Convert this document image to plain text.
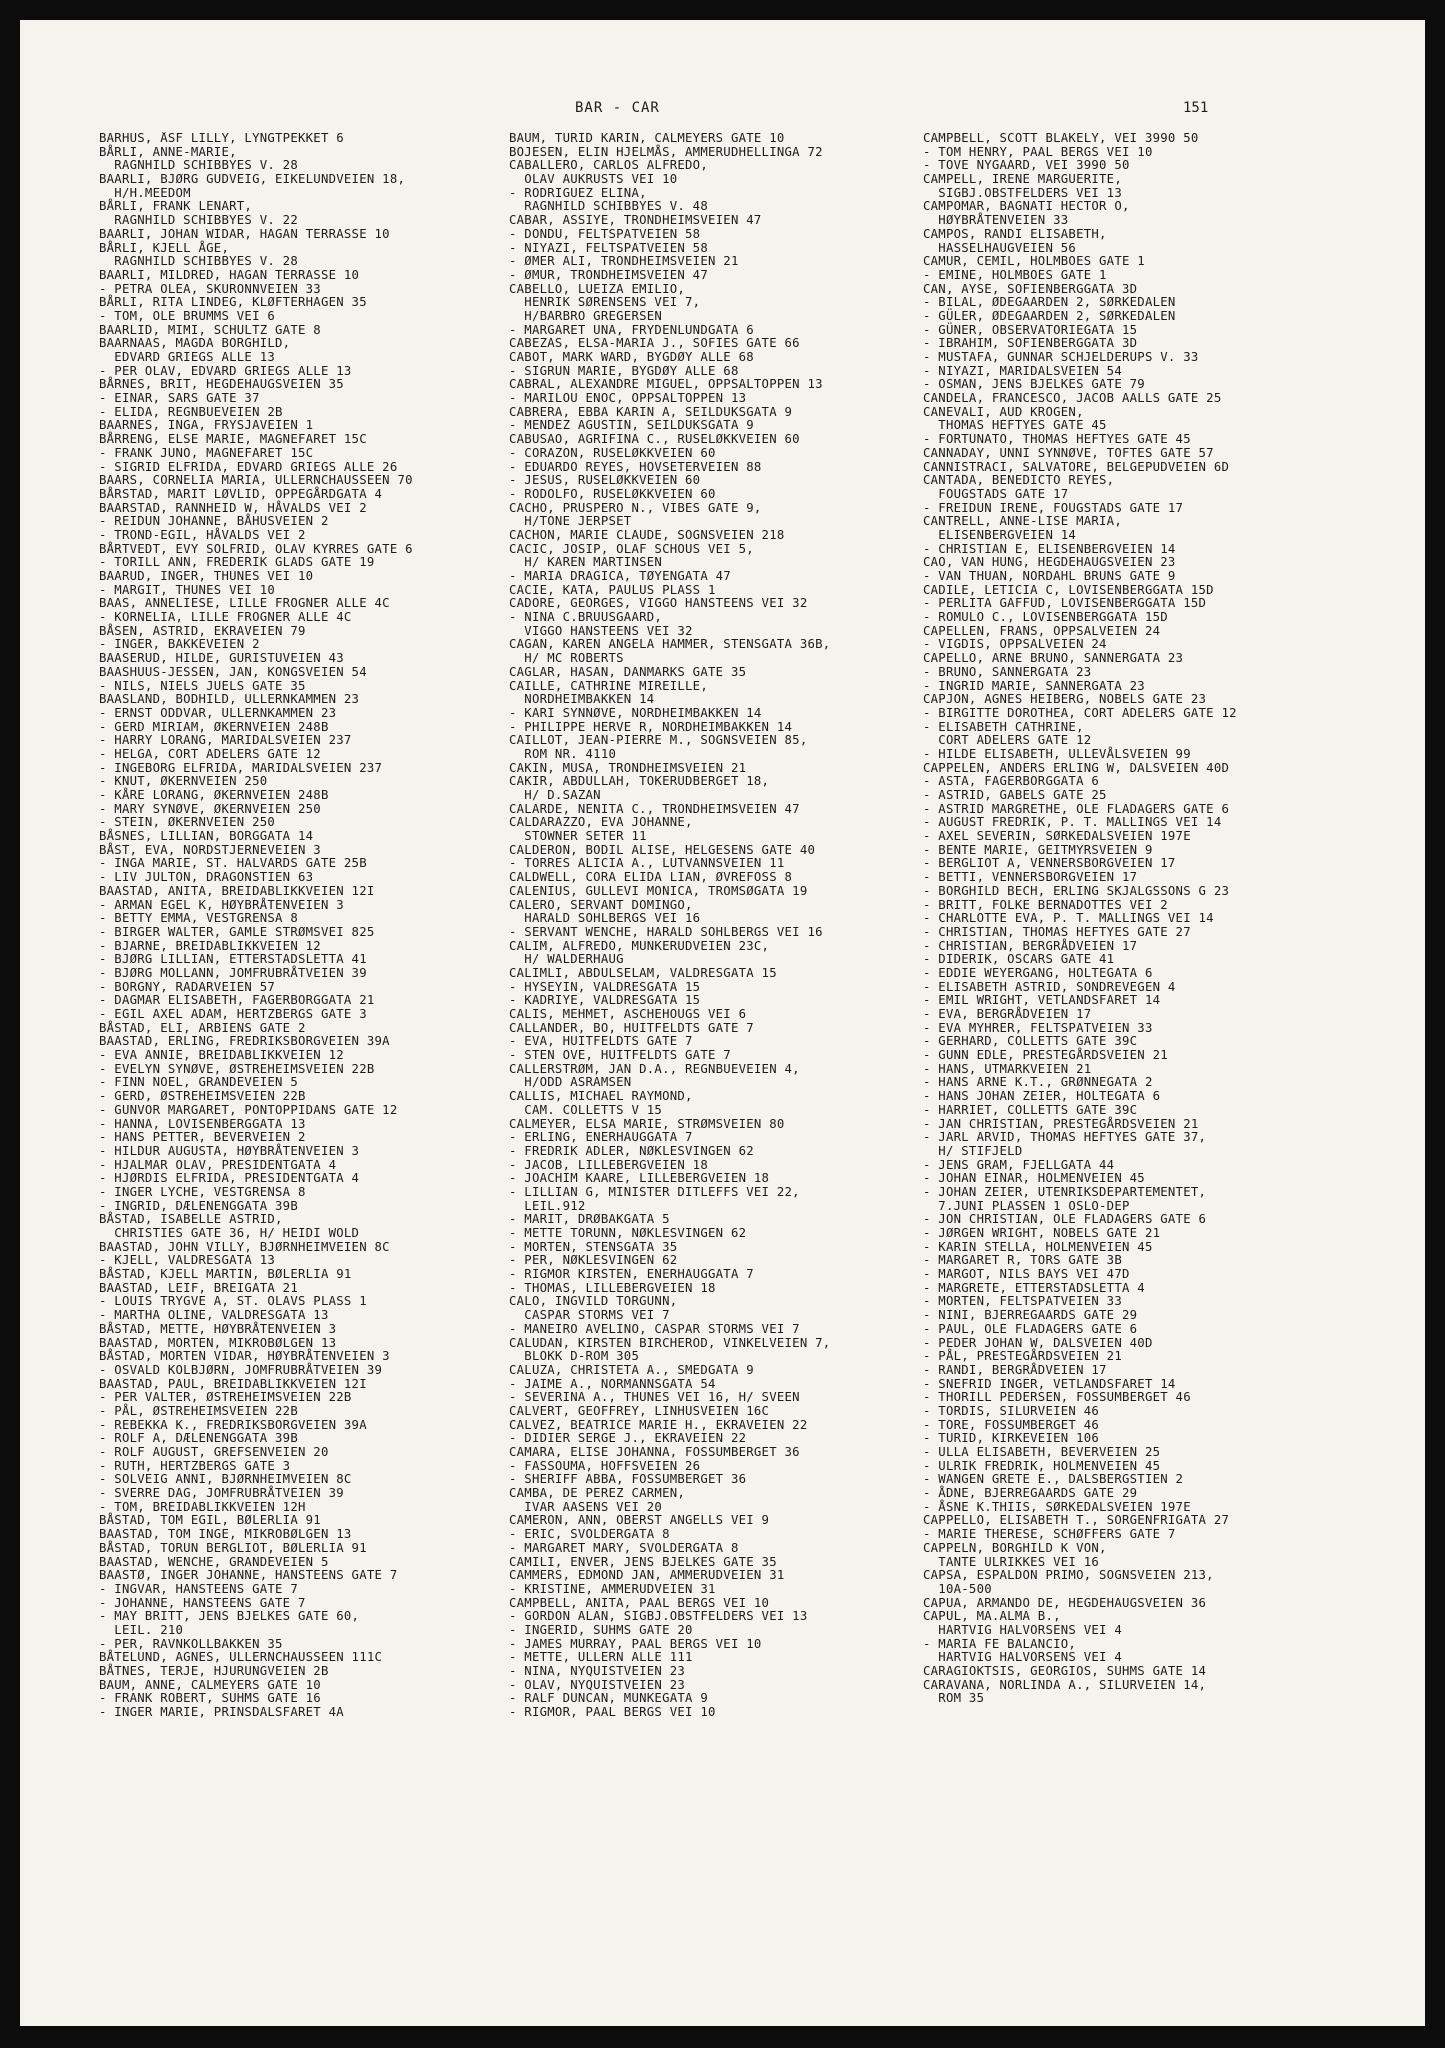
BAR - CAR	151
BÄRHUS, ÅSF LILLY, LYNGTPEKKET 6
BÅRLI, ANNE-MARIE,
RAGNHILD SCHIBBYES V. 28
BAARLI, BJØRG GUDVEIG, EIKELUNDVEIEN 18,
H/H.MEEDOM
BÅRLI, FRANK LENART,
RAGNHILD SCHIBBYES V. 22
BAARLI, JOHAN WIDAR, HAGAN TERRASSE 10
BÅRLI, KJELL ÅGE,
RAGNHILD SCHIBBYES V. 28
BAARLI, MILDRED, HAGAN TERRASSE 10
- PETRA OLEA, SKURONNVEIEN 33
BÅRLI, RITA LINDEG, KLØFTERHAGEN 35
- TOM, OLE BRUMMS VEI 6
BAARLID, MIMI, SCHULTZ GATE 8
BAARNAAS, MAGDA BORGHILD,
EDVARD GRIEGS ALLE 13
- PER OLAV, EDVARD GRIEGS ALLE 13
BÅRNES, BRIT, HEGDEHAUGSVEIEN 35
- EINAR, SARS GATE 37
- ELIDA, REGNBUEVEIEN 2B
BAARNES, INGA, FRYSJAVEIEN 1
BÅRRENG, ELSE MARIE, MAGNEFARET 15C
- FRANK JUNO, MAGNEFARET 15C
- SIGRID ELFRIDA, EDVARD GRIEGS ALLE 26
BAARS, CORNELIA MARIA, ULLERNCHAUSSEEN 70
BÅRSTAD, MARIT LØVLID, OPPEGÅRDGATA 4
BAARSTAD, RANNHEID W, HÅVALDS VEI 2
- REIDUN JOHANNE, BÅHUSVEIEN 2
- TROND-EGIL, HÅVALDS VEI 2
BÅRTVEDT, EVY SOLFRID, OLAV KYRRES GATE 6
- TORILL ANN, FREDERIK GLADS GATE 19
BAARUD, INGER, THUNES VEI 10
- MARGIT, THUNES VEI 10
BAAS, ANNELIESE, LILLE FROGNER ALLE 4C
- KORNELIA, LILLE FROGNER ALLE 4C
BÅSEN, ASTRID, EKRAVEIEN 79
- INGER, BAKKEVEIEN 2
BAASERUD, HILDE, GURISTUVEIEN 43
BAASHUUS-JESSEN, JAN, KONGSVEIEN 54
- NILS, NIELS JUELS GATE 35
BAASLAND, BODHILD, ULLERNKAMMEN 23
- ERNST ODDVAR, ULLERNKAMMEN 23
- GERD MIRIAM, ØKERNVEIEN 248B
- HARRY LORANG, MARIDALSVEIEN 237
- HELGA, CORT ADELERS GATE 12
- INGEBORG ELFRIDA, MARIDALSVEIEN 237
- KNUT, ØKERNVEIEN 250
- KÅRE LORANG, ØKERNVEIEN 248B
- MARY SYNØVE, ØKERNVEIEN 250
- STEIN, ØKERNVEIEN 250
BÅSNES, LILLIAN, BORGGATA 14
BÅST, EVA, NORDSTJERNEVEIEN 3
- INGA MARIE, ST. HALVARDS GATE 25B
- LIV JULTON, DRAGONSTIEN 63
BAASTAD, ANITA, BREIDABLIKKVEIEN 12I
- ARMAN EGEL K, HØYBRÅTENVEIEN 3
- BETTY EMMA, VESTGRENSA 8
- BIRGER WALTER, GAMLE STRØMSVEI 825
- BJARNE, BREIDABLIKKVEIEN 12
- BJØRG LILLIAN, ETTERSTADSLETTA 41
- BJØRG MOLLANN, JOMFRUBRÅTVEIEN 39
- BORGNY, RADARVEIEN 57
- DAGMAR ELISABETH, FAGERBORGGATA 21
- EGIL AXEL ADAM, HERTZBERGS GATE 3
BÅSTAD, ELI, ARBIENS GATE 2
BAASTAD, ERLING, FREDRIKSBORGVEIEN 39A
- EVA ANNIE, BREIDABLIKKVEIEN 12
- EVELYN SYNØVE, ØSTREHEIMSVEIEN 22B
- FINN NOEL, GRANDEVEIEN 5
- GERD, ØSTREHEIMSVEIEN 22B
- GUNVOR MARGARET, PONTOPPIDANS GATE 12
- HANNA, LOVISENBERGGATA 13
- HANS PETTER, BEVERVEIEN 2
- HILDUR AUGUSTA, HØYBRÅTENVEIEN 3
- HJALMAR OLAV, PRESIDENTGATA 4
- HJØRDIS ELFRIDA, PRESIDENTGATA 4
- INGER LYCHE, VESTGRENSA 8
- INGRID, DÆLENENGGATA 39B
BÅSTAD, ISABELLE ASTRID,
CHRISTIES GATE 36, H/ HEIDI WOLD
BAASTAD, JOHN VILLY, BJØRNHEIMVEIEN 8C
- KJELL, VALDRESGATA 13
BÅSTAD, KJELL MARTIN, BØLERLIA 91
BAASTAD, LEIF, BREIGATA 21
- LOUIS TRYGVE A, ST. OLAVS PLASS 1
- MARTHA OLINE, VALDRESGATA 13
BÅSTAD, METTE, HØYBRÅTENVEIEN 3
BAASTAD, MORTEN, MIKROBØLGEN 13
BÅSTAD, MORTEN VIDAR, HØYBRÅTENVEIEN 3
- OSVALD KOLBJØRN, JOMFRUBRÅTVEIEN 39
BAASTAD, PAUL, BREIDABLIKKVEIEN 12I
- PER VALTER, ØSTREHEIMSVEIEN 22B
- PÅL, ØSTREHEIMSVEIEN 22B
- REBEKKA K., FREDRIKSBORGVEIEN 39A
- ROLF A, DÆLENENGGATA 39B
- ROLF AUGUST, GREFSENVEIEN 20
- RUTH, HERTZBERGS GATE 3
- SOLVEIG ANNI, BJØRNHEIMVEIEN 8C
- SVERRE DAG, JOMFRUBRÅTVEIEN 39
- TOM, BREIDABLIKKVEIEN 12H
BÅSTAD, TOM EGIL, BØLERLIA 91
BAASTAD, TOM INGE, MIKROBØLGEN 13
BÅSTAD, TORUN BERGLIOT, BØLERLIA 91
BAASTAD, WENCHE, GRANDEVEIEN 5
BAASTØ, INGER JOHANNE, HANSTEENS GATE 7
- INGVAR, HANSTEENS GATE 7
- JOHANNE, HANSTEENS GATE 7
- MAY BRITT, JENS BJELKES GATE 60,
LEIL. 210
- PER, RAVNKOLLBAKKEN 35
BÅTELUND, AGNES, ULLERNCHAUSSEEN 111C
BÅTNES, TERJE, HJURUNGVEIEN 2B
BAUM, ANNE, CALMEYERS GATE 10
- FRANK ROBERT, SUHMS GATE 16
- INGER MARIE, PRINSDALSFARET 4A
BAUM, TURID KARIN, CALMEYERS GATE 10
BOJESEN, ELIN HJELMÅS, AMMERUDHELLINGA 72
CABALLERO, CARLOS ALFREDO,
OLAV AUKRUSTS VEI 10
- RODRIGUEZ ELINA,
RAGNHILD SCHIBBYES V. 48
CABAR, ASSIYE, TRONDHEIMSVEIEN 47
- DONDU, FELTSPATVEIEN 58
- NIYAZI, FELTSPATVEIEN 58
- ØMER ALI, TRONDHEIMSVEIEN 21
- ØMUR, TRONDHEIMSVEIEN 47
CABELLO, LUEIZA EMILIO,
HENRIK SØRENSENS VEI 7,
H/BARBRO GREGERSEN
- MARGARET UNA, FRYDENLUNDGATA 6
CABEZAS, ELSA-MARIA J., SOFIES GATE 66
CABOT, MARK WARD, BYGDØY ALLE 68
- SIGRUN MARIE, BYGDØY ALLE 68
CABRAL, ALEXANDRE MIGUEL, OPPSALTOPPEN 13
- MARILOU ENOC, OPPSALTOPPEN 13
CABRERA, EBBA KARIN A, SEILDUKSGATA 9
- MENDEZ AGUSTIN, SEILDUKSGATA 9
CABUSAO, AGRIFINA C., RUSELØKKVEIEN 60
- CORAZON, RUSELØKKVEIEN 60
- EDUARDO REYES, HOVSETERVEIEN 88
- JESUS, RUSELØKKVEIEN 60
- RODOLFO, RUSELØKKVEIEN 60
CACHO, PRUSPERO N., VIBES GATE 9,
H/TONE JERPSET
CACHON, MARIE CLAUDE, SOGNSVEIEN 218
CACIC, JOSIP, OLAF SCHOUS VEI 5,
H/ KAREN MARTINSEN
- MARIA DRAGICA, TØYENGATA 47
CACIE, KATA, PAULUS PLASS 1
CADORE, GEORGES, VIGGO HANSTEENS VEI 32
- NINA C.BRUUSGAARD,
VIGGO HANSTEENS VEI 32
CAGAN, KAREN ANGELA HAMMER, STENSGATA 36B,
H/ MC ROBERTS
CAGLAR, HASAN, DANMARKS GATE 35
CAILLE, CATHRINE MIREILLE,
NORDHEIMBAKKEN 14
- KARI SYNNØVE, NORDHEIMBAKKEN 14
- PHILIPPE HERVE R, NORDHEIMBAKKEN 14
CAILLOT, JEAN-PIERRE M., SOGNSVEIEN 85,
ROM NR. 4110
CAKIN, MUSA, TRONDHEIMSVEIEN 21
CAKIR, ABDULLAH, TOKERUDBERGET 18,
H/ D.SAZAN
CALARDE, NENITA C., TRONDHEIMSVEIEN 47
CALDARAZZO, EVA JOHANNE,
STOWNER SETER 11
CALDERON, BODIL ALISE, HELGESENS GATE 40
- TORRES ALICIA A., LUTVANNSVEIEN 11
CALDWELL, CORA ELIDA LIAN, ØVREFOSS 8
CALENIUS, GULLEVI MONICA, TROMSØGATA 19
CALERO, SERVANT DOMINGO,
HARALD SOHLBERGS VEI 16
- SERVANT WENCHE, HARALD SOHLBERGS VEI 16
CALIM, ALFREDO, MUNKERUDVEIEN 23C,
H/ WALDERHAUG
CALIMLI, ABDULSELAM, VALDRESGATA 15
- HYSEYIN, VALDRESGATA 15
- KADRIYE, VALDRESGATA 15
CALIS, MEHMET, ASCHEHOUGS VEI 6
CALLANDER, BO, HUITFELDTS GATE 7
- EVA, HUITFELDTS GATE 7
- STEN OVE, HUITFELDTS GATE 7
CALLERSTRØM, JAN D.A., REGNBUEVEIEN 4,
H/ODD ASRAMSEN
CALLIS, MICHAEL RAYMOND,
CAM. COLLETTS V 15
CALMEYER, ELSA MARIE, STRØMSVEIEN 80
- ERLING, ENERHAUGGATA 7
- FREDRIK ADLER, NØKLESVINGEN 62
- JACOB, LILLEBERGVEIEN 18
- JOACHIM KAARE, LILLEBERGVEIEN 18
- LILLIAN G, MINISTER DITLEFFS VEI 22,
LEIL.912
- MARIT, DRØBAKGATA 5
- METTE TORUNN, NØKLESVINGEN 62
- MORTEN, STENSGATA 35
- PER, NØKLESVINGEN 62
- RIGMOR KIRSTEN, ENERHAUGGATA 7
- THOMAS, LILLEBERGVEIEN 18
CALO, INGVILD TORGUNN,
CASPAR STORMS VEI 7
- MANEIRO AVELINO, CASPAR STORMS VEI 7
CALUDAN, KIRSTEN BIRCHEROD, VINKELVEIEN 7,
BLOKK D-ROM 305
CALUZA, CHRISTETA A., SMEDGATA 9
- JAIME A., NORMANNSGATA 54
- SEVERINA A., THUNES VEI 16, H/ SVEEN
CALVERT, GEOFFREY, LINHUSVEIEN 16C
CALVEZ, BEATRICE MARIE H., EKRAVEIEN 22
- DIDIER SERGE J., EKRAVEIEN 22
CAMARA, ELISE JOHANNA, FOSSUMBERGET 36
- FASSOUMA, HOFFSVEIEN 26
- SHERIFF ABBA, FOSSUMBERGET 36
CAMBA, DE PEREZ CARMEN,
IVAR AASENS VEI 20
CAMERON, ANN, OBERST ANGELLS VEI 9
- ERIC, SVOLDERGATA 8
- MARGARET MARY, SVOLDERGATA 8
CAMILI, ENVER, JENS BJELKES GATE 35
CAMMERS, EDMOND JAN, AMMERUDVEIEN 31
- KRISTINE, AMMERUDVEIEN 31
CAMPBELL, ANITA, PAAL BERGS VEI 10
- GORDON ALAN, SIGBJ.OBSTFELDERS VEI 13
- INGERID, SUHMS GATE 20
- JAMES MURRAY, PAAL BERGS VEI 10
- METTE, ULLERN ALLE 111
- NINA, NYQUISTVEIEN 23
- OLAV, NYQUISTVEIEN 23
- RALF DUNCAN, MUNKEGATA 9
- RIGMOR, PAAL BERGS VEI 10
CAMPBELL, SCOTT BLAKELY, VEI 3990 50
- TOM HENRY, PAAL BERGS VEI 10
- TOVE NYGAARD, VEI 3990 50
CAMPELL, IRENE MARGUERITE,
SIGBJ.OBSTFELDERS VEI 13
CAMPOMAR, BAGNATI HECTOR O,
HØYBRÅTENVEIEN 33
CAMPOS, RANDI ELISABETH,
HASSELHAUGVEIEN 56
CAMUR, CEMIL, HOLMBOES GATE 1
- EMINE, HOLMBOES GATE 1
CAN, AYSE, SOFIENBERGGATA 3D
- BILAL, ØDEGAARDEN 2, SØRKEDALEN
- GÜLER, ØDEGAARDEN 2, SØRKEDALEN
- GÜNER, OBSERVATORIEGATA 15
- IBRAHIM, SOFIENBERGGATA 3D
- MUSTAFA, GUNNAR SCHJELDERUPS V. 33
- NIYAZI, MARIDALSVEIEN 54
- OSMAN, JENS BJELKES GATE 79
CANDELA, FRANCESCO, JACOB AALLS GATE 25
CANEVALI, AUD KROGEN,
THOMAS HEFTYES GATE 45
- FORTUNATO, THOMAS HEFTYES GATE 45
CANNADAY, UNNI SYNNØVE, TOFTES GATE 57
CANNISTRACI, SALVATORE, BELGEPUDVEIEN 6D
CANTADA, BENEDICTO REYES,
FOUGSTADS GATE 17
- FREIDUN IRENE, FOUGSTADS GATE 17
CANTRELL, ANNE-LISE MARIA,
ELISENBERGVEIEN 14
- CHRISTIAN E, ELISENBERGVEIEN 14
CAO, VAN HUNG, HEGDEHAUGSVEIEN 23
- VAN THUAN, NORDAHL BRUNS GATE 9
CADILE, LETICIA C, LOVISENBERGGATA 15D
- PERLITA GAFFUD, LOVISENBERGGATA 15D
- ROMULO C., LOVISENBERGGATA 15D
CAPELLEN, FRANS, OPPSALVEIEN 24
- VIGDIS, OPPSALVEIEN 24
CAPELLO, ARNE BRUNO, SANNERGATA 23
- BRUNO, SANNERGATA 23
- INGRID MARIE, SANNERGATA 23
CAPJON, AGNES HEIBERG, NOBELS GATE 23
- BIRGITTE DOROTHEA, CORT ADELERS GATE 12
- ELISABETH CATHRINE,
CORT ADELERS GATE 12
- HILDE ELISABETH, ULLEVÅLSVEIEN 99
CAPPELEN, ANDERS ERLING W, DALSVEIEN 40D
- ASTA, FAGERBORGGATA 6
- ASTRID, GABELS GATE 25
- ASTRID MARGRETHE, OLE FLADAGERS GATE 6
- AUGUST FREDRIK, P. T. MALLINGS VEI 14
- AXEL SEVERIN, SØRKEDALSVEIEN 197E
- BENTE MARIE, GEITMYRSVEIEN 9
- BERGLIOT A, VENNERSBORGVEIEN 17
- BETTI, VENNERSBORGVEIEN 17
- BORGHILD BECH, ERLING SKJALGSSONS G 23
- BRITT, FOLKE BERNADOTTES VEI 2
- CHARLOTTE EVA, P. T. MALLINGS VEI 14
- CHRISTIAN, THOMAS HEFTYES GATE 27
- CHRISTIAN, BERGRÅDVEIEN 17
- DIDERIK, OSCARS GATE 41
- EDDIE WEYERGANG, HOLTEGATA 6
- ELISABETH ASTRID, SONDREVEGEN 4
- EMIL WRIGHT, VETLANDSFARET 14
- EVA, BERGRÅDVEIEN 17
- EVA MYHRER, FELTSPATVEIEN 33
- GERHARD, COLLETTS GATE 39C
- GUNN EDLE, PRESTEGÅRDSVEIEN 21
- HANS, UTMARKVEIEN 21
- HANS ARNE K.T., GRØNNEGATA 2
- HANS JOHAN ZEIER, HOLTEGATA 6
- HARRIET, COLLETTS GATE 39C
- JAN CHRISTIAN, PRESTEGÅRDSVEIEN 21
- JARL ARVID, THOMAS HEFTYES GATE 37,
H/ STIFJELD
- JENS GRAM, FJELLGATA 44
- JOHAN EINAR, HOLMENVEIEN 45
- JOHAN ZEIER, UTENRIKSDEPARTEMENTET,
7.JUNI PLASSEN 1 OSLO-DEP
- JON CHRISTIAN, OLE FLADAGERS GATE 6
- JØRGEN WRIGHT, NOBELS GATE 21
- KARIN STELLA, HOLMENVEIEN 45
- MARGARET R, TORS GATE 3B
- MARGOT, NILS BAYS VEI 47D
- MARGRETE, ETTERSTADSLETTA 4
- MORTEN, FELTSPATVEIEN 33
- NINI, BJERREGAARDS GATE 29
- PAUL, OLE FLADAGERS GATE 6
- PEDER JOHAN W, DALSVEIEN 40D
- PÅL, PRESTEGÅRDSVEIEN 21
- RANDI, BERGRÅDVEIEN 17
- SNEFRID INGER, VETLANDSFARET 14
- THORILL PEDERSEN, FOSSUMBERGET 46
- TORDIS, SILURVEIEN 46
- TORE, FOSSUMBERGET 46
- TURID, KIRKEVEIEN 106
- ULLA ELISABETH, BEVERVEIEN 25
- ULRIK FREDRIK, HOLMENVEIEN 45
- WANGEN GRETE E., DALSBERGSTIEN 2
- ÅDNE, BJERREGAARDS GATE 29
- ÅSNE K.THIIS, SØRKEDALSVEIEN 197E
CAPPELLO, ELISABETH T., SORGENFRIGATA 27
- MARIE THERESE, SCHØFFERS GATE 7
CAPPELN, BORGHILD K VON,
TANTE ULRIKKES VEI 16
CAPSA, ESPALDON PRIMO, SOGNSVEIEN 213,
10A-500
CAPUA, ARMANDO DE, HEGDEHAUGSVEIEN 36
CAPUL, MA.ALMA B.,
HARTVIG HALVORSENS VEI 4
- MARIA FE BALANCIO,
HARTVIG HALVORSENS VEI 4
CARAGIOKTSIS, GEORGIOS, SUHMS GATE 14
CARAVANA, NORLINDA A., SILURVEIEN 14,
ROM 35
